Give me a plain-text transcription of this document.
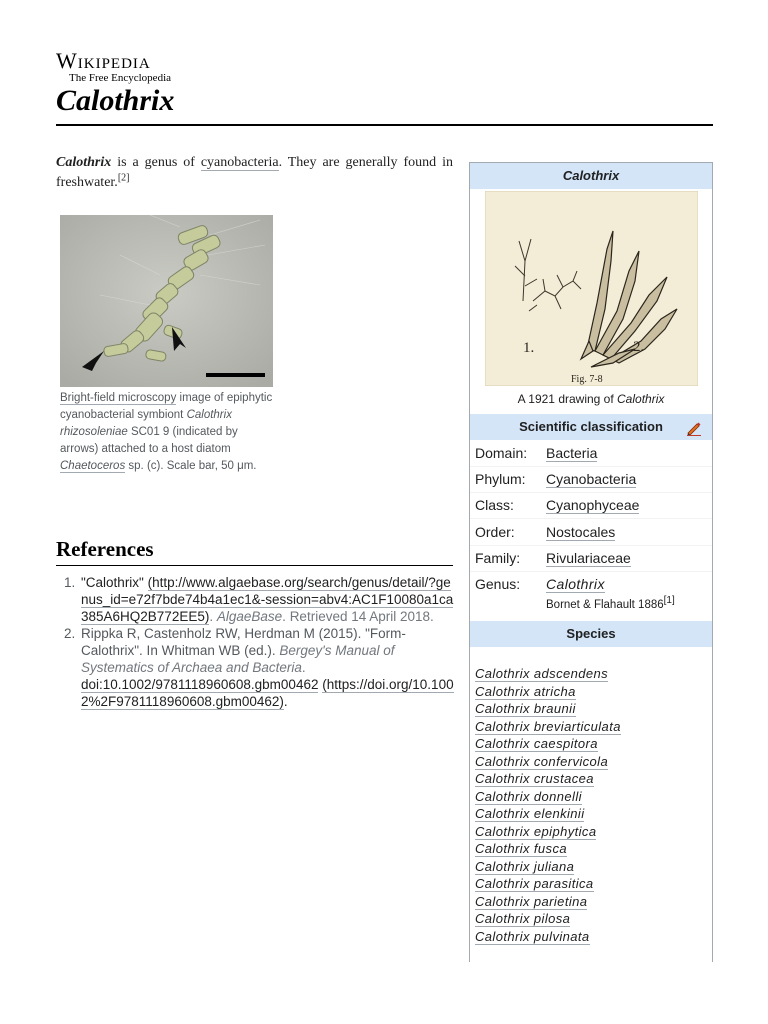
Wikipedia
The Free Encyclopedia
Calothrix

Calothrix is a genus of cyanobacteria. They are generally found in freshwater.[2]

Bright-field microscopy image of epiphytic cyanobacterial symbiont Calothrix rhizosoleniae SC01 9 (indicated by arrows) attached to a host diatom Chaetoceros sp. (c). Scale bar, 50 μm.
References
1. "Calothrix" (http://www.algaebase.org/search/genus/detail/?genus_id=e72f7bde74b4a1ec1&-session=abv4:AC1F10080a1ca385A6HQ2B772EE5). AlgaeBase. Retrieved 14 April 2018.
2. Rippka R, Castenholz RW, Herdman M (2015). "Form-Calothrix". In Whitman WB (ed.). Bergey's Manual of Systematics of Archaea and Bacteria. doi:10.1002/9781118960608.gbm00462 (https://doi.org/10.1002%2F9781118960608.gbm00462).
Calothrix
1.	2.
Fig. 7-8
A 1921 drawing of Calothrix
Scientific classification
Domain: Bacteria
Phylum: Cyanobacteria
Class: Cyanophyceae
Order: Nostocales
Family: Rivulariaceae
Genus: Calothrix
Bornet & Flahault 1886[1]
Species
Calothrix adscendens
Calothrix atricha
Calothrix braunii
Calothrix breviarticulata
Calothrix caespitora
Calothrix confervicola
Calothrix crustacea
Calothrix donnelli
Calothrix elenkinii
Calothrix epiphytica
Calothrix fusca
Calothrix juliana
Calothrix parasitica
Calothrix parietina
Calothrix pilosa
Calothrix pulvinata
